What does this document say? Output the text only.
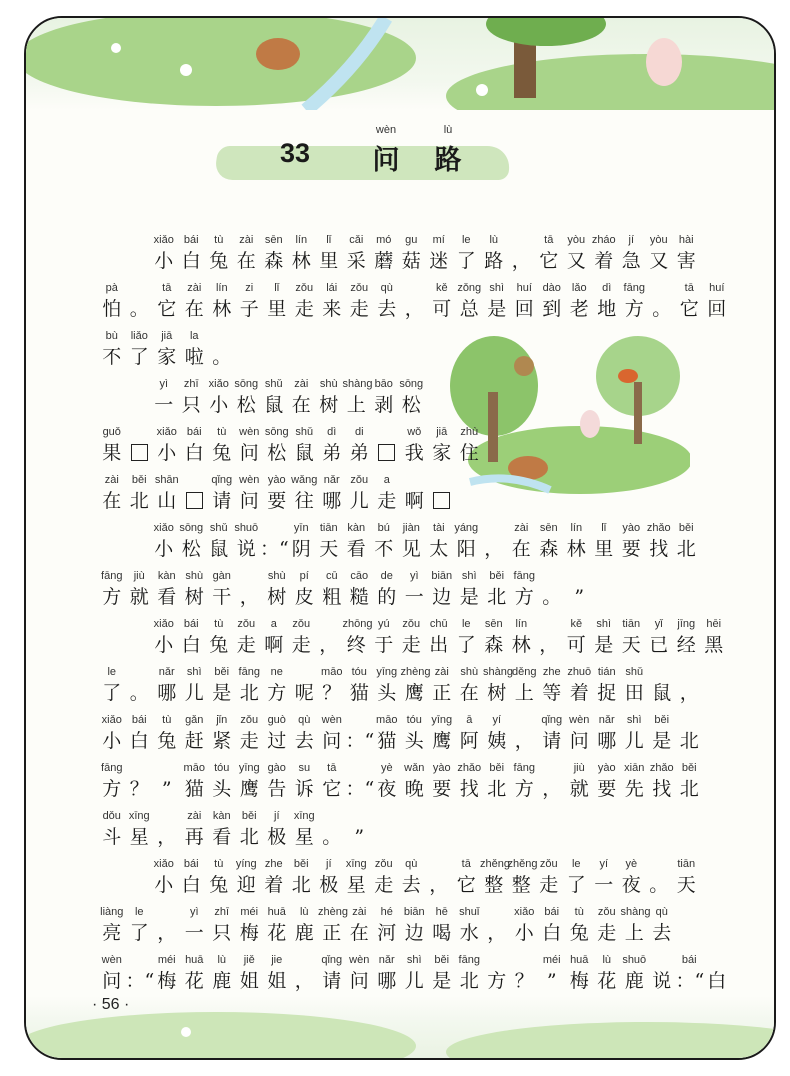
33
wèn	lù
问 路
xiǎo bái tù zài sēn lín lǐ cǎi mó gu mí le lù	tā yòu zháo jí yòu hài
小 白 兔 在 森 林 里 采 蘑 菇 迷 了 路 ， 它 又 着 急 又 害
pà	tā zài lín zi lǐ zǒu lái zǒu qù	kě zǒng shì huí dào lǎo dì fāng	tā huí
怕 。 它 在 林 子 里 走 来 走 去 ， 可 总 是 回 到 老 地 方 。 它 回
bù liǎo jiā la
不 了 家 啦 。
yì zhī xiǎo sōng shǔ zài shù shàng bāo sōng
一 只 小 松 鼠 在 树 上 剥 松
guǒ	xiǎo bái tù wèn sōng shǔ dì di	wǒ jiā zhù
果 小 白 兔 问 松 鼠 弟 弟 我 家 住
zài běi shān	qǐng wèn yào wǎng nǎr zǒu a
在 北 山 请 问 要 往 哪 儿 走 啊
xiǎo sōng shǔ shuō	yīn tiān kàn bú jiàn tài yáng	zài sēn lín lǐ yào zhǎo běi
小 松 鼠 说 ：“ 阴 天 看 不 见 太 阳 ， 在 森 林 里 要 找 北
fāng jiù kàn shù gàn	shù pí cū cāo de yì biān shì běi fāng
方 就 看 树 干 ， 树 皮 粗 糙 的 一 边 是 北 方 。 ”
xiǎo bái tù zǒu a zǒu	zhōng yú zǒu chū le sēn lín	kě shì tiān yǐ jīng hēi
小 白 兔 走 啊 走 ， 终 于 走 出 了 森 林 ， 可 是 天 已 经 黑
le	nǎr shì běi fāng ne	māo tóu yīng zhèng zài shù shàngděng zhe zhuō tián shǔ
了 。 哪 儿 是 北 方 呢 ？ 猫 头 鹰 正 在 树 上 等 着 捉 田 鼠 ，
xiǎo bái tù gǎn jǐn zǒu guò qù wèn	māo tóu yīng ā yí	qǐng wèn nǎr shì běi
小 白 兔 赶 紧 走 过 去 问 ：“ 猫 头 鹰 阿 姨 ， 请 问 哪 儿 是 北
fāng	māo tóu yīng gào su tā	yè wǎn yào zhǎo běi fāng	jiù yào xiān zhǎo běi
方 ？ ” 猫 头 鹰 告 诉 它 ：“ 夜 晚 要 找 北 方 ， 就 要 先 找 北
dǒu xīng	zài kàn běi jí xīng
斗 星 ， 再 看 北 极 星 。 ”
xiǎo bái tù yíng zhe běi jí xīng zǒu qù	tā zhěngzhěng zǒu le yí yè	tiān
小 白 兔 迎 着 北 极 星 走 去 ， 它 整 整 走 了 一 夜 。 天
liàng le	yì zhī méi huā lù zhèng zài hé biān hē shuǐ	xiǎo bái tù zǒu shàng qù
亮 了 ， 一 只 梅 花 鹿 正 在 河 边 喝 水 ， 小 白 兔 走 上 去
wèn	méi huā lù jiě jie	qǐng wèn nǎr shì běi fāng	méi huā lù shuō	bái
问 ：“ 梅 花 鹿 姐 姐 ， 请 问 哪 儿 是 北 方 ？ ” 梅 花 鹿 说 ：“ 白
· 56 ·
